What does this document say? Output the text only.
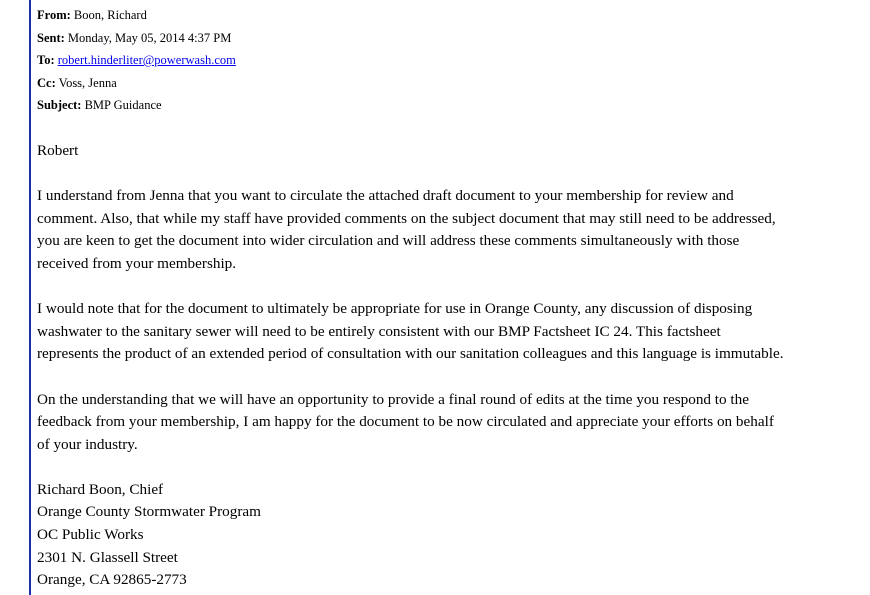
From: Boon, Richard
Sent: Monday, May 05, 2014 4:37 PM
To: robert.hinderliter@powerwash.com
Cc: Voss, Jenna
Subject: BMP Guidance
Robert
I understand from Jenna that you want to circulate the attached draft document to your membership for review and
comment. Also, that while my staff have provided comments on the subject document that may still need to be addressed,
you are keen to get the document into wider circulation and will address these comments simultaneously with those
received from your membership.
I would note that for the document to ultimately be appropriate for use in Orange County, any discussion of disposing
washwater to the sanitary sewer will need to be entirely consistent with our BMP Factsheet IC 24. This factsheet
represents the product of an extended period of consultation with our sanitation colleagues and this language is immutable.
On the understanding that we will have an opportunity to provide a final round of edits at the time you respond to the
feedback from your membership, I am happy for the document to be now circulated and appreciate your efforts on behalf
of your industry.
Richard Boon, Chief
Orange County Stormwater Program
OC Public Works
2301 N. Glassell Street
Orange, CA 92865-2773
